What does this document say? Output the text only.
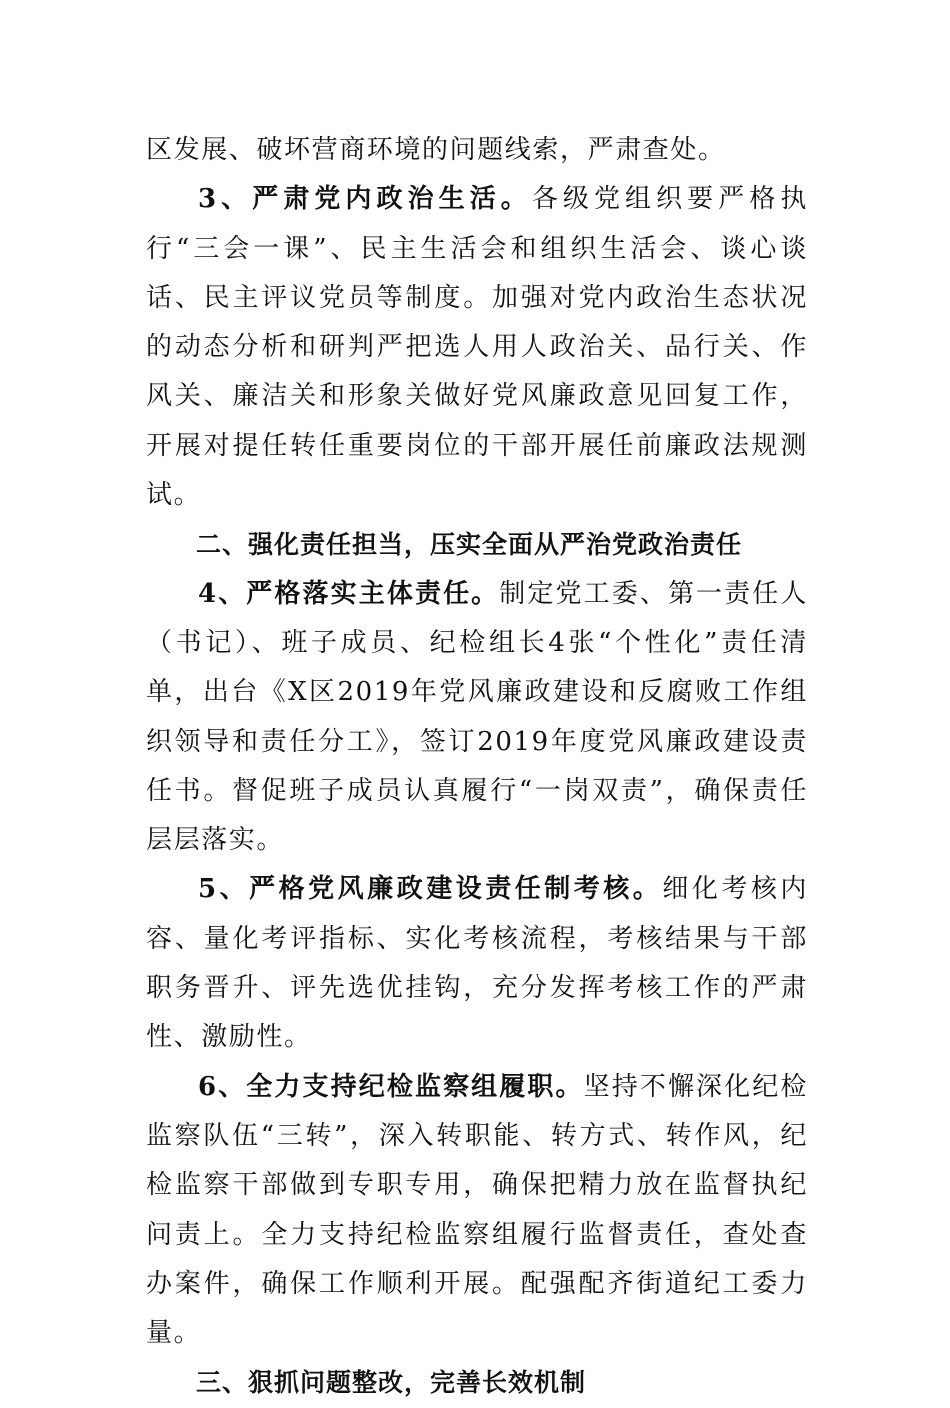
区发展、破坏营商环境的问题线索，严肃查处。

3、严肃党内政治生活。各级党组织要严格执行“三会一课”、民主生活会和组织生活会、谈心谈话、民主评议党员等制度。加强对党内政治生态状况的动态分析和研判严把选人用人政治关、品行关、作风关、廉洁关和形象关做好党风廉政意见回复工作，开展对提任转任重要岗位的干部开展任前廉政法规测试。

二、强化责任担当，压实全面从严治党政治责任

4、严格落实主体责任。制定党工委、第一责任人（书记）、班子成员、纪检组长4张“个性化”责任清单，出台《X区2019年党风廉政建设和反腐败工作组织领导和责任分工》，签订2019年度党风廉政建设责任书。督促班子成员认真履行“一岗双责”，确保责任层层落实。

5、严格党风廉政建设责任制考核。细化考核内容、量化考评指标、实化考核流程，考核结果与干部职务晋升、评先选优挂钩，充分发挥考核工作的严肃性、激励性。

6、全力支持纪检监察组履职。坚持不懈深化纪检监察队伍“三转”，深入转职能、转方式、转作风，纪检监察干部做到专职专用，确保把精力放在监督执纪问责上。全力支持纪检监察组履行监督责任，查处查办案件，确保工作顺利开展。配强配齐街道纪工委力量。

三、狠抓问题整改，完善长效机制
